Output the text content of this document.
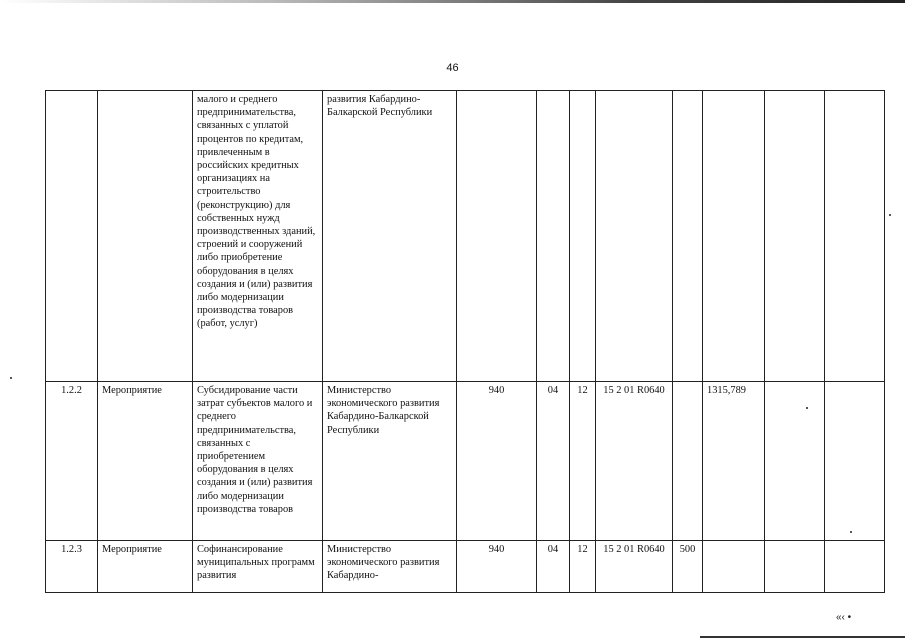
46
		малого и среднего предпринимательства, связанных с уплатой процентов по кредитам, привлеченным в российских кредитных организациях на строительство (реконструкцию) для собственных нужд производственных зданий, строений и сооружений либо приобретение оборудования в целях создания и (или) развития либо модернизации производства товаров (работ, услуг)	развития Кабардино-Балкарской Республики								
1.2.2	Мероприятие	Субсидирование части затрат субъектов малого и среднего предпринимательства, связанных с приобретением оборудования в целях создания и (или) развития либо модернизации производства товаров	Министерство экономического развития Кабардино-Балкарской Республики	940	04	12	15 2 01 R0640		1315,789		
1.2.3	Мероприятие	Софинансирование муниципальных программ развития	Министерство экономического развития Кабардино-	940	04	12	15 2 01 R0640	500			
«‹ •
